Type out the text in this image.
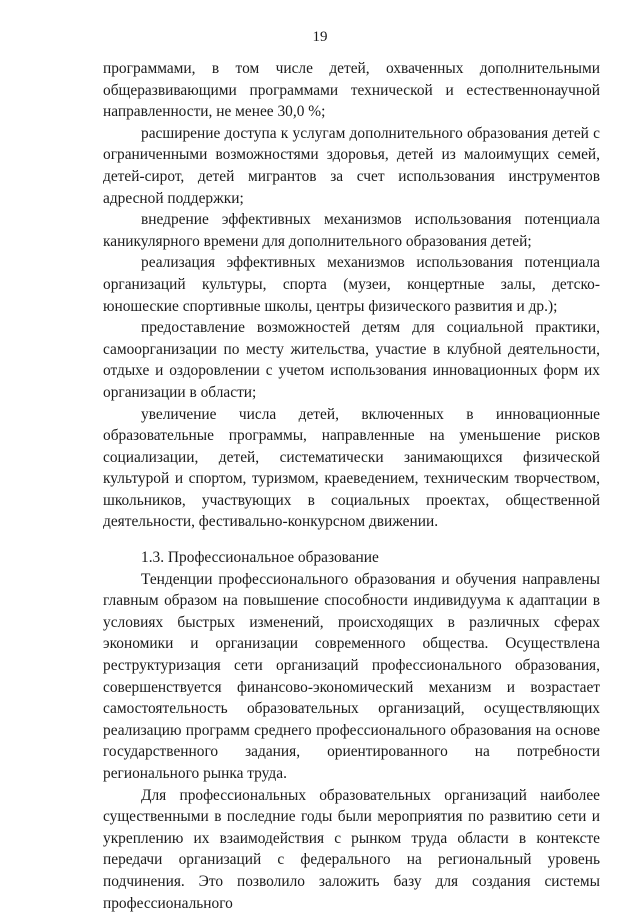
19

программами, в том числе детей, охваченных дополнительными общеразвивающими программами технической и естественнонаучной направленности, не менее 30,0 %;

расширение доступа к услугам дополнительного образования детей с ограниченными возможностями здоровья, детей из малоимущих семей, детей-сирот, детей мигрантов за счет использования инструментов адресной поддержки;

внедрение эффективных механизмов использования потенциала каникулярного времени для дополнительного образования детей;

реализация эффективных механизмов использования потенциала организаций культуры, спорта (музеи, концертные залы, детско-юношеские спортивные школы, центры физического развития и др.);

предоставление возможностей детям для социальной практики, самоорганизации по месту жительства, участие в клубной деятельности, отдыхе и оздоровлении с учетом использования инновационных форм их организации в области;

увеличение числа детей, включенных в инновационные образовательные программы, направленные на уменьшение рисков социализации, детей, систематически занимающихся физической культурой и спортом, туризмом, краеведением, техническим творчеством, школьников, участвующих в социальных проектах, общественной деятельности, фестивально-конкурсном движении.

1.3. Профессиональное образование

Тенденции профессионального образования и обучения направлены главным образом на повышение способности индивидуума к адаптации в условиях быстрых изменений, происходящих в различных сферах экономики и организации современного общества. Осуществлена реструктуризация сети организаций профессионального образования, совершенствуется финансово-экономический механизм и возрастает самостоятельность образовательных организаций, осуществляющих реализацию программ среднего профессионального образования на основе государственного задания, ориентированного на потребности регионального рынка труда.

Для профессиональных образовательных организаций наиболее существенными в последние годы были мероприятия по развитию сети и укреплению их взаимодействия с рынком труда области в контексте передачи организаций с федерального на региональный уровень подчинения. Это позволило заложить базу для создания системы профессионального
